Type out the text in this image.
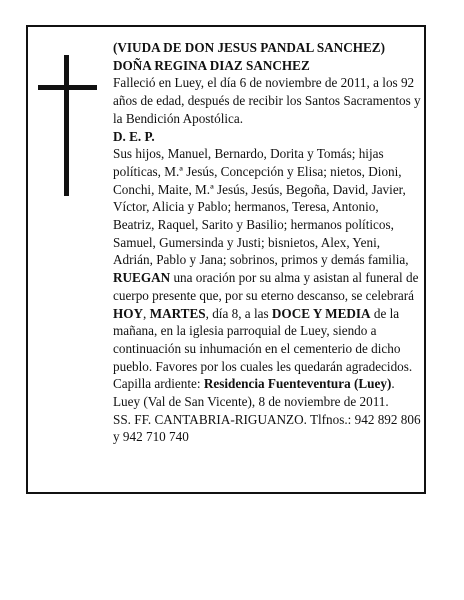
(VIUDA DE DON JESUS PANDAL SANCHEZ)

DOÑA REGINA DIAZ SANCHEZ

Falleció en Luey, el día 6 de noviembre de 2011, a los 92 años de edad, después de recibir los Santos Sacramentos y la Bendición Apostólica.

D. E. P.

Sus hijos, Manuel, Bernardo, Dorita y Tomás; hijas políticas, M.ª Jesús, Concepción y Elisa; nietos, Dioni, Conchi, Maite, M.ª Jesús, Jesús, Begoña, David, Javier, Víctor, Alicia y Pablo; hermanos, Teresa, Antonio, Beatriz, Raquel, Sarito y Basilio; hermanos políticos, Samuel, Gumersinda y Justi; bisnietos, Alex, Yeni, Adrián, Pablo y Jana; sobrinos, primos y demás familia,

RUEGAN una oración por su alma y asistan al funeral de cuerpo presente que, por su eterno descanso, se celebrará HOY, MARTES, día 8, a las DOCE Y MEDIA de la mañana, en la iglesia parroquial de Luey, siendo a continuación su inhumación en el cementerio de dicho pueblo. Favores por los cuales les quedarán agradecidos.

Capilla ardiente: Residencia Fuenteventura (Luey).

Luey (Val de San Vicente), 8 de noviembre de 2011.

SS. FF. CANTABRIA-RIGUANZO. Tlfnos.: 942 892 806 y 942 710 740
